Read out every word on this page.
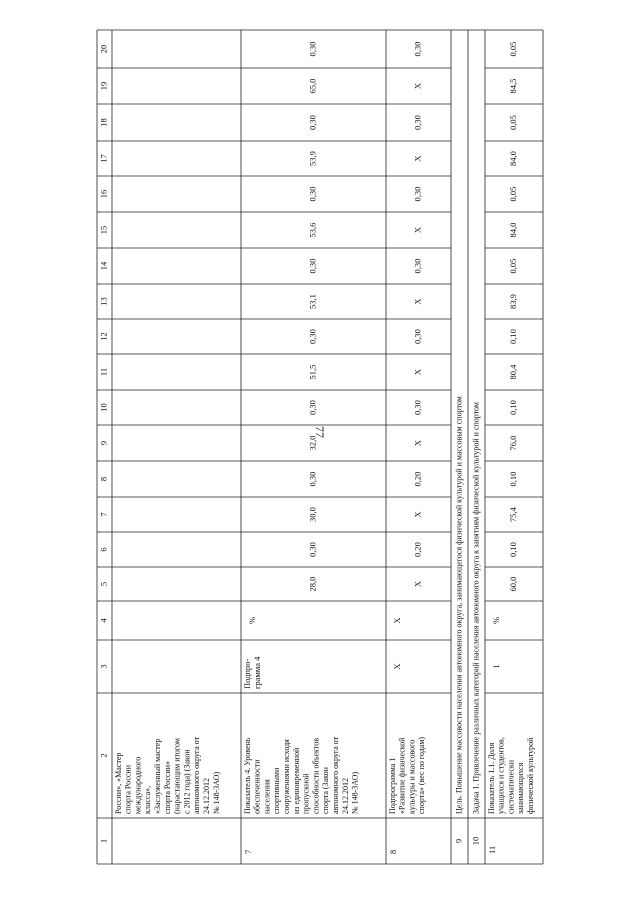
77
1
2
3
4
5
6
7
8
9
10
11
12
13
14
15
16
17
18
19
20
России», «Мастер спорта России международного класса», «Заслуженный мастер спорта России» (нарастающим итогом с 2012 года) (Закон автономного округа от 24.12.2012 № 148-ЗАО)
7
Показатель 4. Уровень обеспеченности населения спортивными сооружениями исходя из единовременной пропускной способности объектов спорта (Закон автономного округа от 24.12.2012 № 148-ЗАО)
Подпро- грамма 4
%
28,0
0,30
30,0
0,30
32,0
0,30
51,5
0,30
53,1
0,30
53,6
0,30
53,9
0,30
65,0
0,30
8
Подпрограмма 1 «Развитие физической культуры и массового спорта» (вес по годам)
Х
Х
Х
0,20
Х
0,20
Х
0,30
Х
0,30
Х
0,30
Х
0,30
Х
0,30
Х
0,30
11
Показатель 1.1. Доля учащихся и студентов, систематически занимающихся физической культурой
1
%
60,0
0,10
75,4
0,10
76,0
0,10
80,4
0,10
83,9
0,05
84,0
0,05
84,0
0,05
84,5
0,05
9
Цель. Повышение массовости населения автономного округа, занимающегося физической культурой и массовым спортом
10
Задача 1. Привлечение различных категорий населения автономного округа к занятиям физической культурой и спортом
